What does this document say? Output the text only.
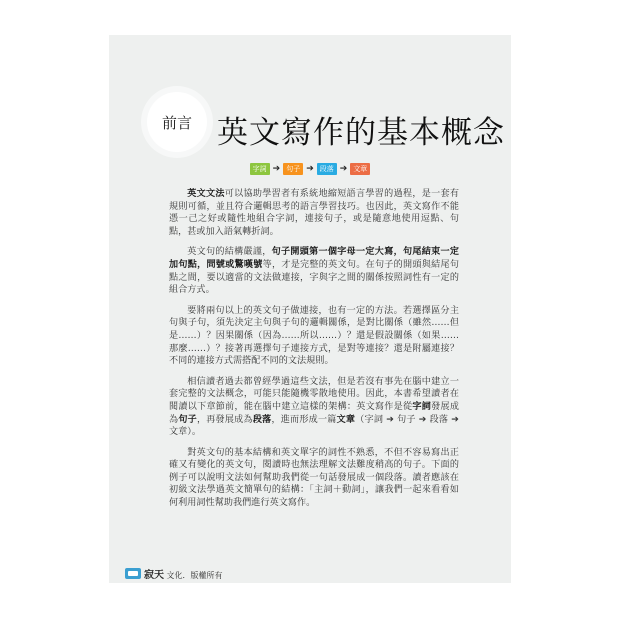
前言 英文寫作的基本概念
字詞 ➔ 句子 ➔ 段落 ➔ 文章

英文文法可以協助學習者有系統地縮短語言學習的過程，是一套有規則可循，並且符合邏輯思考的語言學習技巧。也因此，英文寫作不能憑一己之好或隨性地組合字詞，連接句子，或是隨意地使用逗點、句點，甚或加入語氣轉折詞。

英文句的結構嚴謹，句子開頭第一個字母一定大寫，句尾結束一定加句點，問號或驚嘆號等，才是完整的英文句。在句子的開頭與結尾句點之間，要以適當的文法做連接，字與字之間的關係按照詞性有一定的組合方式。

要將兩句以上的英文句子做連接，也有一定的方法。若選擇區分主句與子句，須先決定主句與子句的邏輯關係，是對比關係（雖然……但是……）？因果關係（因為……所以……）？還是假設關係（如果……那麼……）？接著再選擇句子連接方式，是對等連接？還是附屬連接？不同的連接方式需搭配不同的文法規則。

相信讀者過去都曾經學過這些文法，但是若沒有事先在腦中建立一套完整的文法概念，可能只能隨機零散地使用。因此，本書希望讀者在閱讀以下章節前，能在腦中建立這樣的架構：英文寫作是從字詞發展成為句子，再發展成為段落，進而形成一篇文章（字詞 ➔ 句子 ➔ 段落 ➔ 文章）。

對英文句的基本結構和英文單字的詞性不熟悉，不但不容易寫出正確又有變化的英文句，閱讀時也無法理解文法難度稍高的句子。下面的例子可以說明文法如何幫助我們從一句話發展成一個段落。讀者應該在初級文法學過英文簡單句的結構：「主詞＋動詞」，讓我們一起來看看如何利用詞性幫助我們進行英文寫作。

寂天 文化．版權所有
